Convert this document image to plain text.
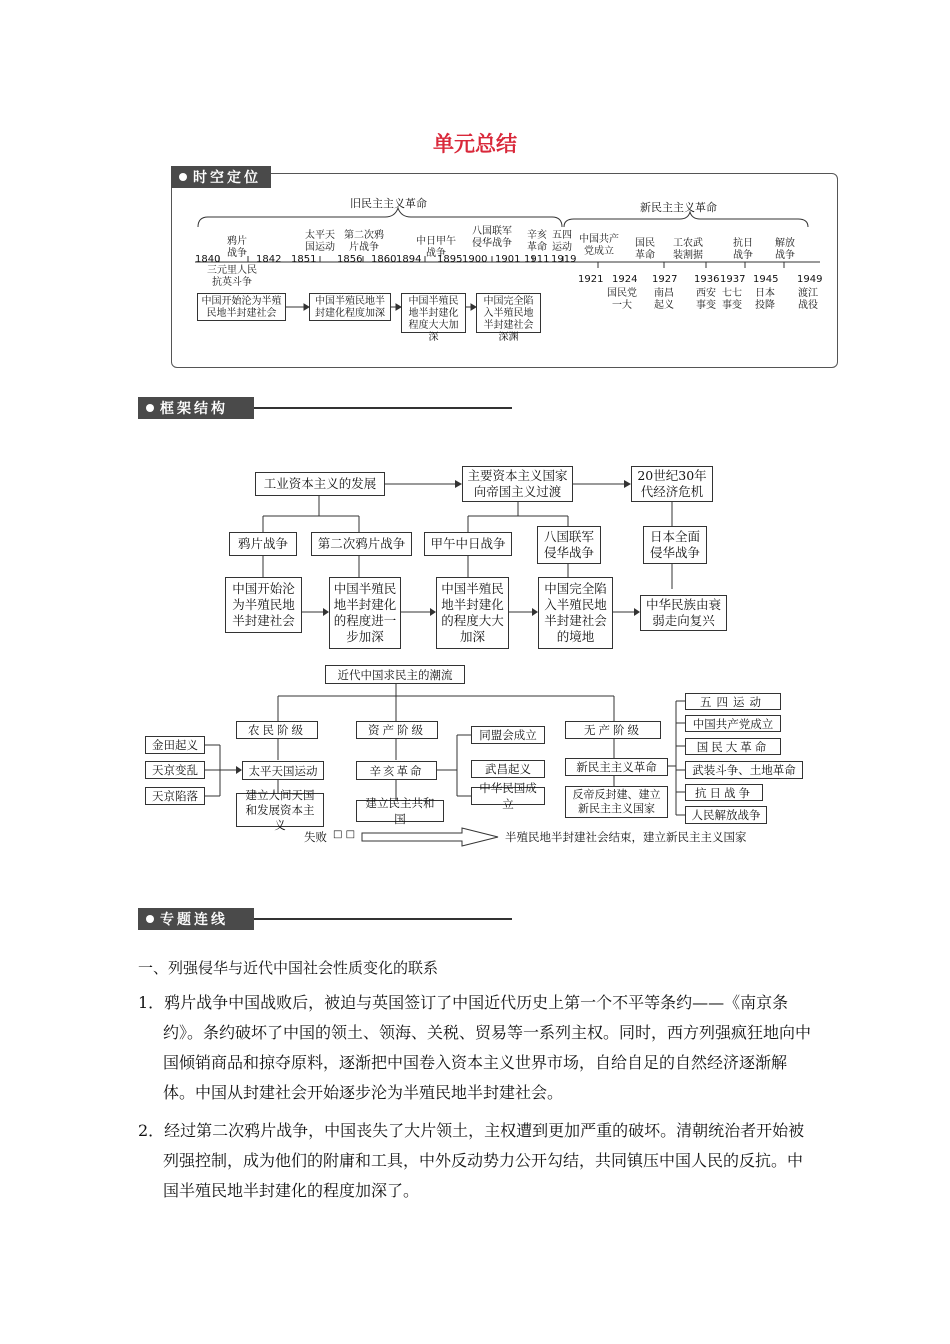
单元总结
时空定位
旧民主主义革命	新民主主义革命
1840	1842 1851 1856 1860 1894 1895 1900 1901 1911 1919
鸦片战争
太平天国运动
第二次鸦片战争
中日甲午战争
八国联军侵华战争
辛亥革命
五四运动
中国共产党成立
国民革命
工农武装割据
抗日战争
解放战争
1921 1924 1927 1936 1937 1945 1949
三元里人民抗英斗争
国民党一大
南昌起义
西安事变
七七事变
日本投降
渡江战役
中国开始沦为半殖民地半封建社会
中国半殖民地半封建化程度加深
中国半殖民地半封建化程度大大加深
中国完全陷入半殖民地半封建社会深渊
框架结构
工业资本主义的发展
主要资本主义国家向帝国主义过渡
20世纪30年代经济危机
鸦片战争	第二次鸦片战争	甲午中日战争	八国联军侵华战争
日本全面侵华战争
中国开始沦为半殖民地半封建社会
中国半殖民地半封建化的程度进一步加深
中国半殖民地半封建化的程度大大加深
中国完全陷入半殖民地半封建社会的境地
中华民族由衰弱走向复兴
近代中国求民主的潮流
农民阶级	资产阶级	无产阶级
金田起义
天京变乱
天京陷落
太平天国运动
建立人间天国和发展资本主义
辛亥革命
建立民主共和国
同盟会成立
武昌起义
中华民国成立
新民主主义革命
反帝反封建、建立新民主主义国家
五四运动
中国共产党成立
国民大革命
武装斗争、土地革命
抗日战争
人民解放战争
失败 □ □	半殖民地半封建社会结束，建立新民主主义国家
专题连线
一、列强侵华与近代中国社会性质变化的联系
1．鸦片战争中国战败后，被迫与英国签订了中国近代历史上第一个不平等条约——《南京条约》。条约破坏了中国的领土、领海、关税、贸易等一系列主权。同时，西方列强疯狂地向中国倾销商品和掠夺原料，逐渐把中国卷入资本主义世界市场，自给自足的自然经济逐渐解体。中国从封建社会开始逐步沦为半殖民地半封建社会。
2．经过第二次鸦片战争，中国丧失了大片领土，主权遭到更加严重的破坏。清朝统治者开始被列强控制，成为他们的附庸和工具，中外反动势力公开勾结，共同镇压中国人民的反抗。中国半殖民地半封建化的程度加深了。
